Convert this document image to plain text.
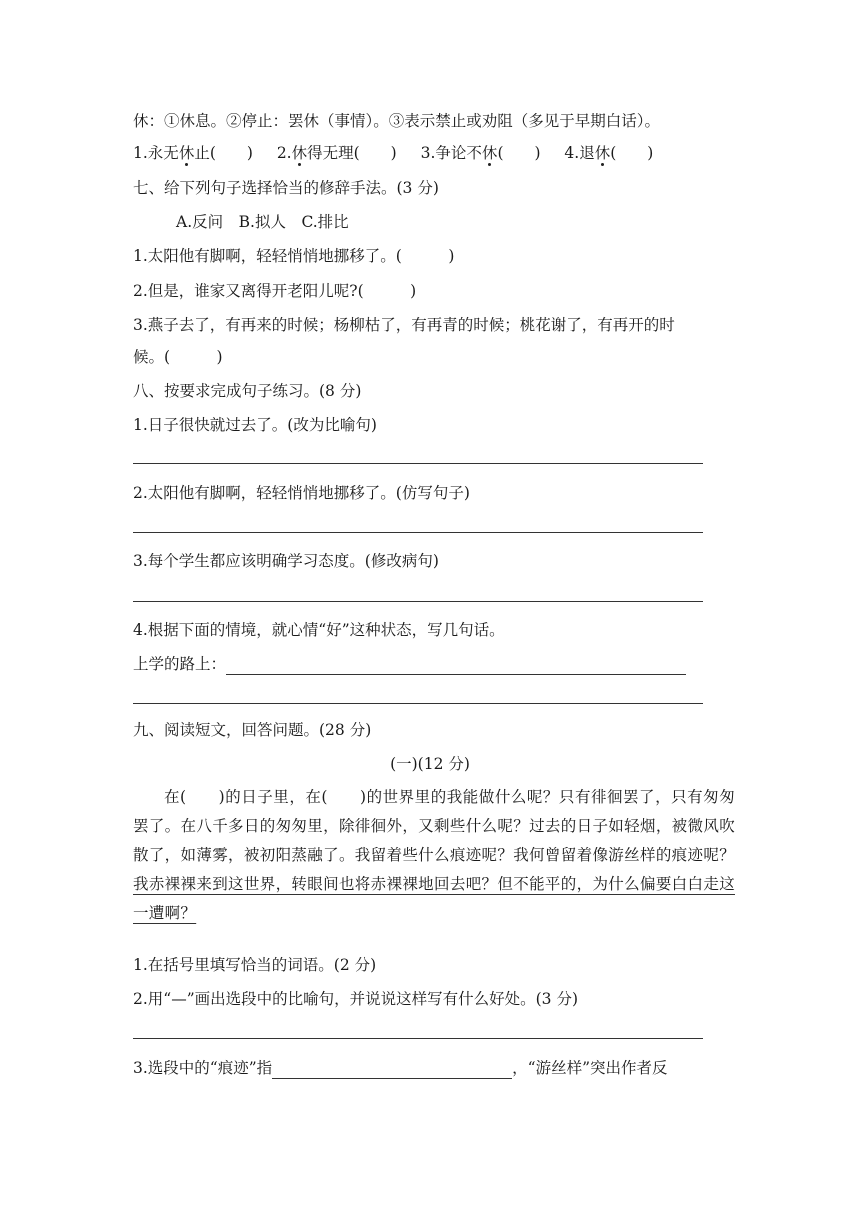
休：①休息。②停止：罢休（事情）。③表示禁止或劝阻（多见于早期白话）。
1.永无休止(　　) 2.休得无理(　　) 3.争论不休(　　) 4.退休(　　)
七、给下列句子选择恰当的修辞手法。(3 分)
A.反问　B.拟人　C.排比
1.太阳他有脚啊，轻轻悄悄地挪移了。(　　　)
2.但是，谁家又离得开老阳儿呢?(　　　)
3.燕子去了，有再来的时候；杨柳枯了，有再青的时候；桃花谢了，有再开的时
候。(　　　)
八、按要求完成句子练习。(8 分)
1.日子很快就过去了。(改为比喻句)
2.太阳他有脚啊，轻轻悄悄地挪移了。(仿写句子)
3.每个学生都应该明确学习态度。(修改病句)
4.根据下面的情境，就心情“好”这种状态，写几句话。
上学的路上：
九、阅读短文，回答问题。(28 分)
(一)(12 分)

在(　　)的日子里，在(　　)的世界里的我能做什么呢？只有徘徊罢了，只有匆匆罢了。在八千多日的匆匆里，除徘徊外，又剩些什么呢？过去的日子如轻烟，被微风吹散了，如薄雾，被初阳蒸融了。我留着些什么痕迹呢？我何曾留着像游丝样的痕迹呢？我赤裸裸来到这世界，转眼间也将赤裸裸地回去吧？但不能平的，为什么偏要白白走这一遭啊？

1.在括号里填写恰当的词语。(2 分)
2.用“—”画出选段中的比喻句，并说说这样写有什么好处。(3 分)
3.选段中的“痕迹”指	，“游丝样”突出作者反
